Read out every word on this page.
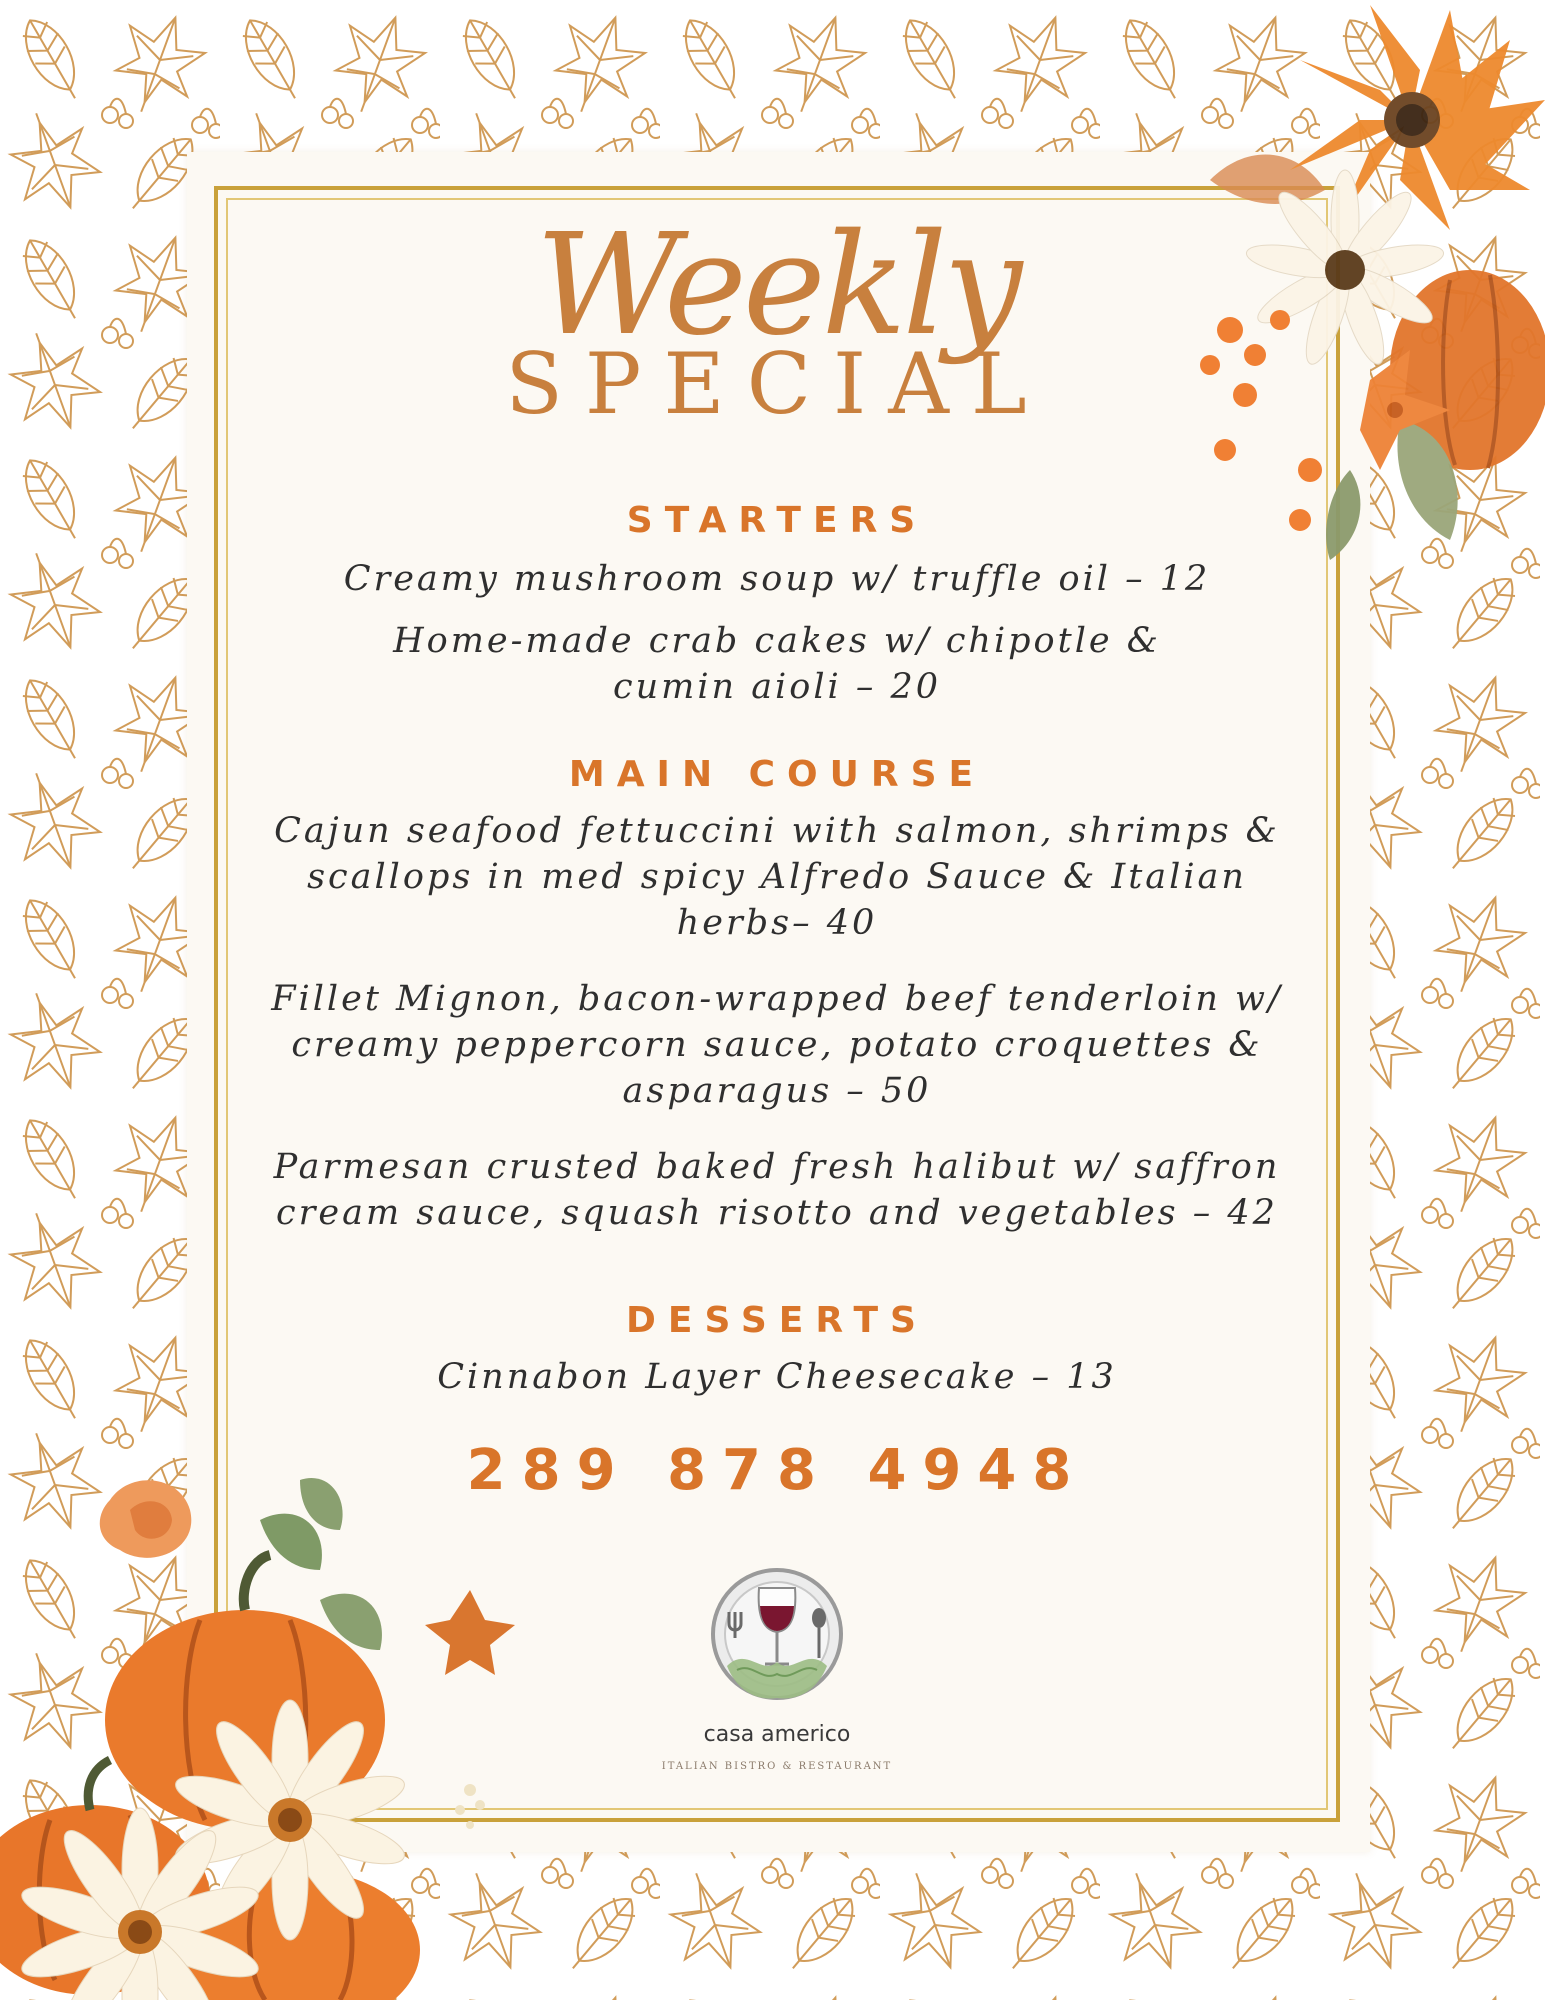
Weekly
SPECIAL
STARTERS

Creamy mushroom soup w/ truffle oil – 12

Home-made crab cakes w/ chipotle & cumin aioli – 20

MAIN COURSE

Cajun seafood fettuccini with salmon, shrimps & scallops in med spicy Alfredo Sauce & Italian herbs– 40

Fillet Mignon, bacon-wrapped beef tenderloin w/ creamy peppercorn sauce, potato croquettes & asparagus – 50

Parmesan crusted baked fresh halibut w/ saffron cream sauce, squash risotto and vegetables – 42

DESSERTS

Cinnabon Layer Cheesecake – 13

289 878 4948
casa americo
ITALIAN BISTRO & RESTAURANT
